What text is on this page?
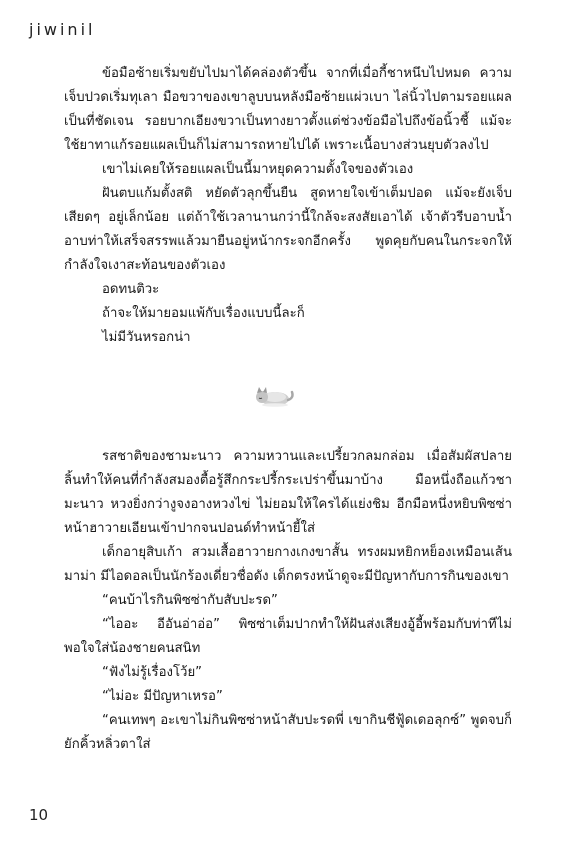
jiwinil

ข้อมือซ้ายเริ่มขยับไปมาได้คล่องตัวขึ้น จากที่เมื่อกี้ชาหนึบไปหมด ความเจ็บปวดเริ่มทุเลา มือขวาของเขาลูบบนหลังมือซ้ายแผ่วเบา ไล่นิ้วไปตามรอยแผลเป็นที่ชัดเจน รอยบากเอียงขวาเป็นทางยาวตั้งแต่ช่วงข้อมือไปถึงข้อนิ้วชี้ แม้จะใช้ยาทาแก้รอยแผลเป็นก็ไม่สามารถหายไปได้ เพราะเนื้อบางส่วนยุบตัวลงไป

เขาไม่เคยให้รอยแผลเป็นนี้มาหยุดความตั้งใจของตัวเอง

ฝันตบแก้มตั้งสติ หยัดตัวลุกขึ้นยืน สูดหายใจเข้าเต็มปอด แม้จะยังเจ็บเสียดๆ อยู่เล็กน้อย แต่ถ้าใช้เวลานานกว่านี้ใกล้จะสงสัยเอาได้ เจ้าตัวรีบอาบน้ำอาบท่าให้เสร็จสรรพแล้วมายืนอยู่หน้ากระจกอีกครั้ง พูดคุยกับคนในกระจกให้กำลังใจเงาสะท้อนของตัวเอง

อดทนติวะ

ถ้าจะให้มายอมแพ้กับเรื่องแบบนี้ละก็

ไม่มีวันหรอกน่า

รสชาติของชามะนาว ความหวานและเปรี้ยวกลมกล่อม เมื่อสัมผัสปลายลิ้นทำให้คนที่กำลังสมองตื้อรู้สึกกระปรี้กระเปร่าขึ้นมาบ้าง มือหนึ่งถือแก้วชามะนาว หวงยิ่งกว่างูจงอางหวงไข่ ไม่ยอมให้ใครได้แย่งชิม อีกมือหนึ่งหยิบพิซซ่าหน้าฮาวายเอียนเข้าปากจนปอนด์ทำหน้ายี้ใส่

เด็กอายุสิบเก้า สวมเสื้อฮาวายกางเกงขาสั้น ทรงผมหยิกหย็องเหมือนเส้นมาม่า มีไอดอลเป็นนักร้องเดี่ยวชื่อดัง เด็กตรงหน้าดูจะมีปัญหากับการกินของเขา

“คนบ้าไรกินพิซซ่ากับสับปะรด”

“ไออะ อีอันอ่าอ่อ” พิซซ่าเต็มปากทำให้ฝันส่งเสียงอู้อี้พร้อมกับท่าทีไม่พอใจใส่น้องชายคนสนิท

“ฟังไม่รู้เรื่องโว้ย”

“ไม่อะ มีปัญหาเหรอ”

“คนเทพๆ อะเขาไม่กินพิซซ่าหน้าสับปะรดพี่ เขากินชีฟู้ดเดอลุกซ์” พูดจบก็ยักคิ้วหลิ่วตาใส่

10
